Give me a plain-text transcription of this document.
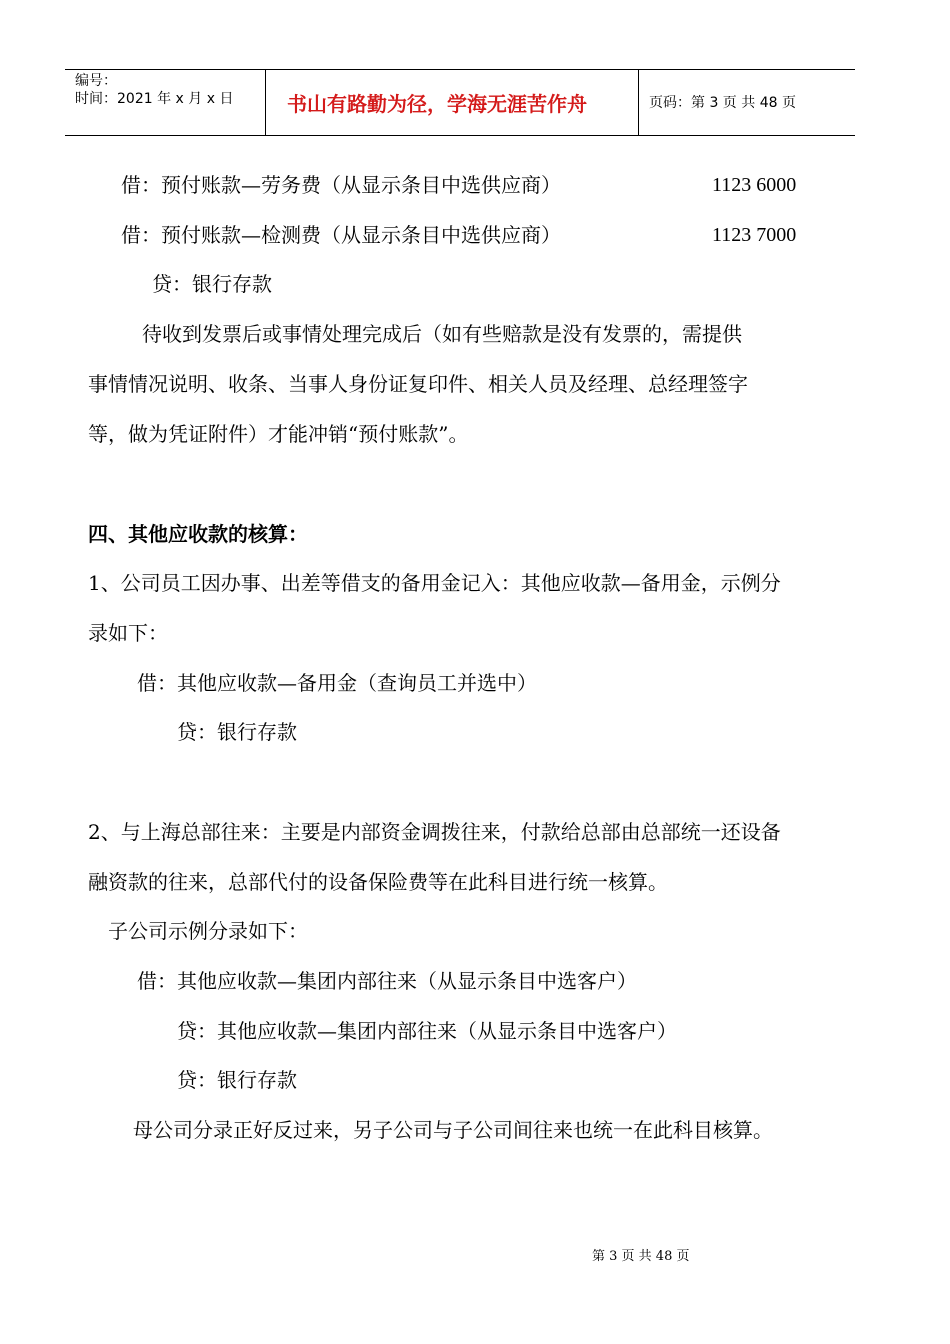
编号：
时间：2021 年 x 月 x 日	书山有路勤为径，学海无涯苦作舟	页码：第 3 页 共 48 页
借：预付账款—劳务费（从显示条目中选供应商）	1123 6000
借：预付账款—检测费（从显示条目中选供应商）	1123 7000
贷：银行存款
待收到发票后或事情处理完成后（如有些赔款是没有发票的，需提供
事情情况说明、收条、当事人身份证复印件、相关人员及经理、总经理签字
等，做为凭证附件）才能冲销“预付账款”。
四、其他应收款的核算：
1、公司员工因办事、出差等借支的备用金记入：其他应收款—备用金，示例分
录如下：
借：其他应收款—备用金（查询员工并选中）
贷：银行存款
2、与上海总部往来：主要是内部资金调拨往来，付款给总部由总部统一还设备
融资款的往来，总部代付的设备保险费等在此科目进行统一核算。
子公司示例分录如下：
借：其他应收款—集团内部往来（从显示条目中选客户）
贷：其他应收款—集团内部往来（从显示条目中选客户）
贷：银行存款
母公司分录正好反过来，另子公司与子公司间往来也统一在此科目核算。
第 3 页 共 48 页
